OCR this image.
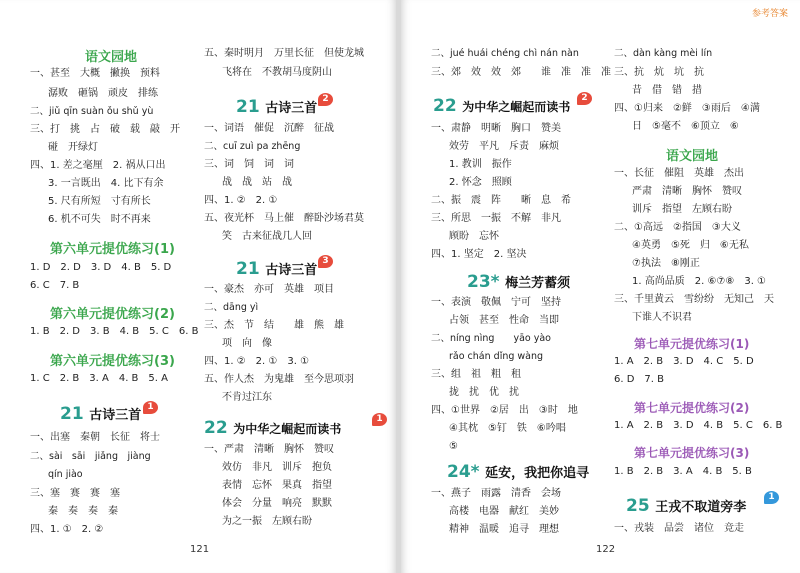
语文园地
一、甚至　大概　撇换　预料
潺败　砸锅　顽皮　排练
二、jiǔ qīn suàn ǒu shǔ yù
三、打　挑　占　破　载　敲　开
碰　开绿灯
四、1. 差之毫厘　2. 祸从口出
3. 一言既出　4. 比下有余
5. 尺有所短　寸有所长
6. 机不可失　时不再来
第六单元提优练习(1)
1. D　2. D　3. D　4. B　5. D
6. C　7. B
第六单元提优练习(2)
1. B　2. D　3. B　4. B　5. C　6. B
第六单元提优练习(3)
1. C　2. B　3. A　4. B　5. A
21 古诗三首
1
一、出塞　秦朝　长征　将士
二、sài　sāi　jiǎng　jiàng
qín jiào
三、塞　赛　赛　塞
秦　奏　奏　秦
四、1. ①　2. ②
五、秦时明月　万里长征　但使龙城
飞将在　不教胡马度阴山
21 古诗三首
2
一、词语　催促　沉醉　征战
二、cuī zuì pa zhēng
三、词　饲　词　词
战　战　站　战
四、1. ②　2. ①
五、夜光杯　马上催　醉卧沙场君莫
笑　古来征战几人回
21 古诗三首
3
一、豪杰　亦可　英雄　项目
二、dāng yì
三、杰　节　结　　雄　熊　雄
项　向　像
四、1. ②　2. ①　3. ①
五、作人杰　为鬼雄　至今思项羽
不肯过江东
22 为中华之崛起而读书
1
一、严肃　清晰　胸怀　赞叹
效仿　非凡　训斥　抱负
表情　忘怀　果真　指望
体会　分量　响亮　默默
为之一振　左顾右盼
121
参考答案
二、jué huái chéng chì nán nàn
三、郊　效　效　郊　　谁　准　准　准
22 为中华之崛起而读书
2
一、肃静　明晰　胸口　赞美
效劳　平凡　斥责　麻烦
1. 教训　振作
2. 怀念　照顾
二、振　震　阵　　晰　息　希
三、所思　一振　不解　非凡
顾盼　忘怀
四、1. 坚定　2. 坚决
23* 梅兰芳蓄须
一、表演　敬佩　宁可　坚持
占领　甚至　性命　当即
二、níng nìng　　yāo yào
rǎo chán dǐng wàng
三、组　祖　粗　租
拢　扰　优　扰
四、①世界　②居　出　③时　地
④其枕　⑤钉　铁　⑥吟唱
⑤
24* 延安，我把你追寻
一、燕子　雨露　清香　会场
高楼　电器　献红　美妙
精神　温暖　追寻　理想
二、dàn kàng mèi lín
三、抗　炕　坑　抗
昔　借　错　措
四、①归来　②鲜　③雨后　④满
日　⑤毫不　⑥顶立　⑥
语文园地
一、长征　催阻　英雄　杰出
严肃　清晰　胸怀　赞叹
训斥　指望　左顾右盼
二、①高远　②指国　③大义
④英勇　⑤死　归　⑥无私
⑦执法　⑧刚正
1. 高尚品质　2. ⑥⑦⑧　3. ①
三、千里黄云　雪纷纷　无知己　天
下谁人不识君
第七单元提优练习(1)
1. A　2. B　3. D　4. C　5. D
6. D　7. B
第七单元提优练习(2)
1. A　2. B　3. D　4. B　5. C　6. B
第七单元提优练习(3)
1. B　2. B　3. A　4. B　5. B
25 王戎不取道旁李
1
一、戎装　品尝　诸位　竞走
122
